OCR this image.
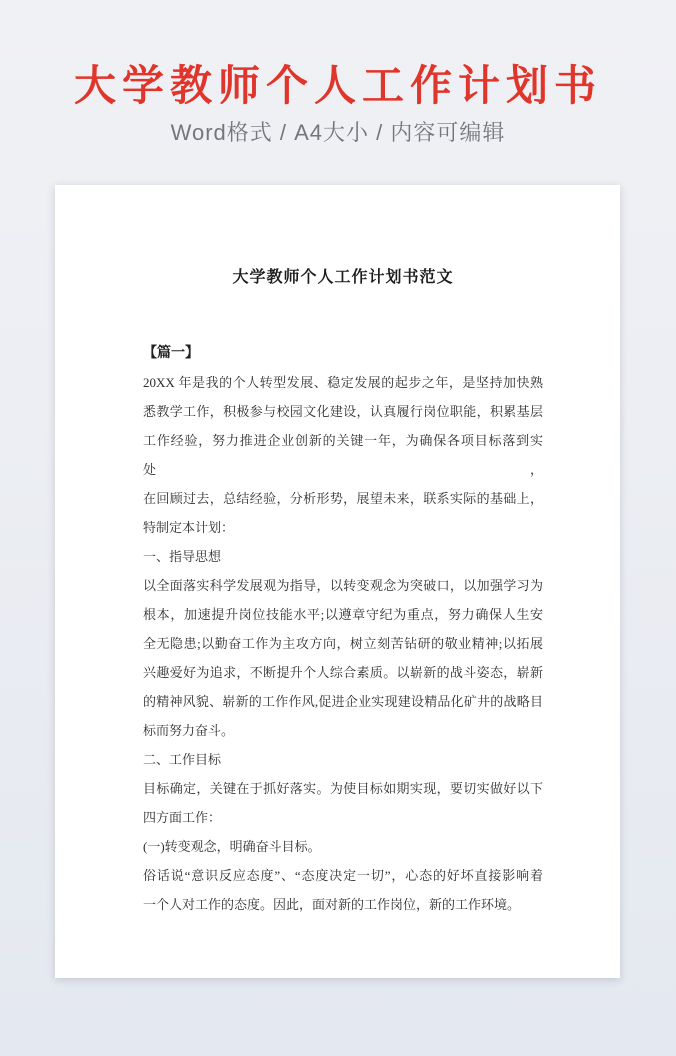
大学教师个人工作计划书
Word格式 / A4大小 / 内容可编辑
大学教师个人工作计划书范文
【篇一】
20XX 年是我的个人转型发展、稳定发展的起步之年，是坚持加快熟
悉教学工作，积极参与校园文化建设，认真履行岗位职能，积累基层
工作经验，努力推进企业创新的关键一年，为确保各项目标落到实处，
在回顾过去，总结经验，分析形势，展望未来，联系实际的基础上，
特制定本计划：
一、指导思想
以全面落实科学发展观为指导，以转变观念为突破口，以加强学习为
根本，加速提升岗位技能水平;以遵章守纪为重点，努力确保人生安
全无隐患;以勤奋工作为主攻方向，树立刻苦钻研的敬业精神;以拓展
兴趣爱好为追求，不断提升个人综合素质。以崭新的战斗姿态，崭新
的精神风貌、崭新的工作作风,促进企业实现建设精品化矿井的战略目
标而努力奋斗。
二、工作目标
目标确定，关键在于抓好落实。为使目标如期实现，要切实做好以下
四方面工作：
(一)转变观念，明确奋斗目标。
俗话说“意识反应态度”、“态度决定一切”，心态的好坏直接影响着
一个人对工作的态度。因此，面对新的工作岗位，新的工作环境。
